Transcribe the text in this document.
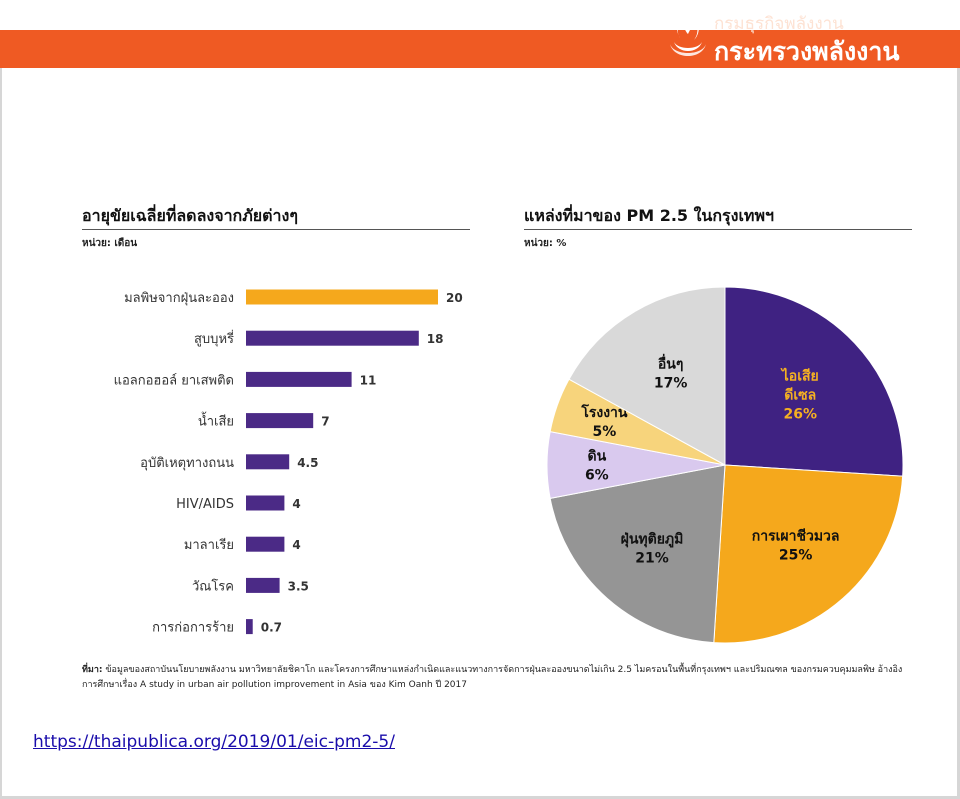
กรมธุรกิจพลังงาน
กระทรวงพลังงาน
อายุขัยเฉลี่ยที่ลดลงจากภัยต่างๆ
หน่วย: เดือน
แหล่งที่มาของ PM 2.5 ในกรุงเทพฯ
หน่วย: %
มลพิษจากฝุ่นละออง	20
สูบบุหรี่	18
แอลกอฮอล์ ยาเสพติด	11
น้ำเสีย	7
อุบัติเหตุทางถนน	4.5
HIV/AIDS	4
มาลาเรีย	4
วัณโรค	3.5
การก่อการร้าย 0.7
ไอเสีย
ดีเซล
26%
การเผาชีวมวล
25%
ฝุ่นทุติยภูมิ
21%
ดิน
6%
โรงงาน
5%
อื่นๆ
17%
ที่มา: ข้อมูลของสถาบันนโยบายพลังงาน มหาวิทยาลัยชิคาโก และโครงการศึกษาแหล่งกำเนิดและแนวทางการจัดการฝุ่นละอองขนาดไม่เกิน 2.5 ไมครอนในพื้นที่กรุงเทพฯ และปริมณฑล ของกรมควบคุมมลพิษ อ้างอิงการศึกษาเรื่อง A study in urban air pollution improvement in Asia ของ Kim Oanh ปี 2017
https://thaipublica.org/2019/01/eic-pm2-5/
